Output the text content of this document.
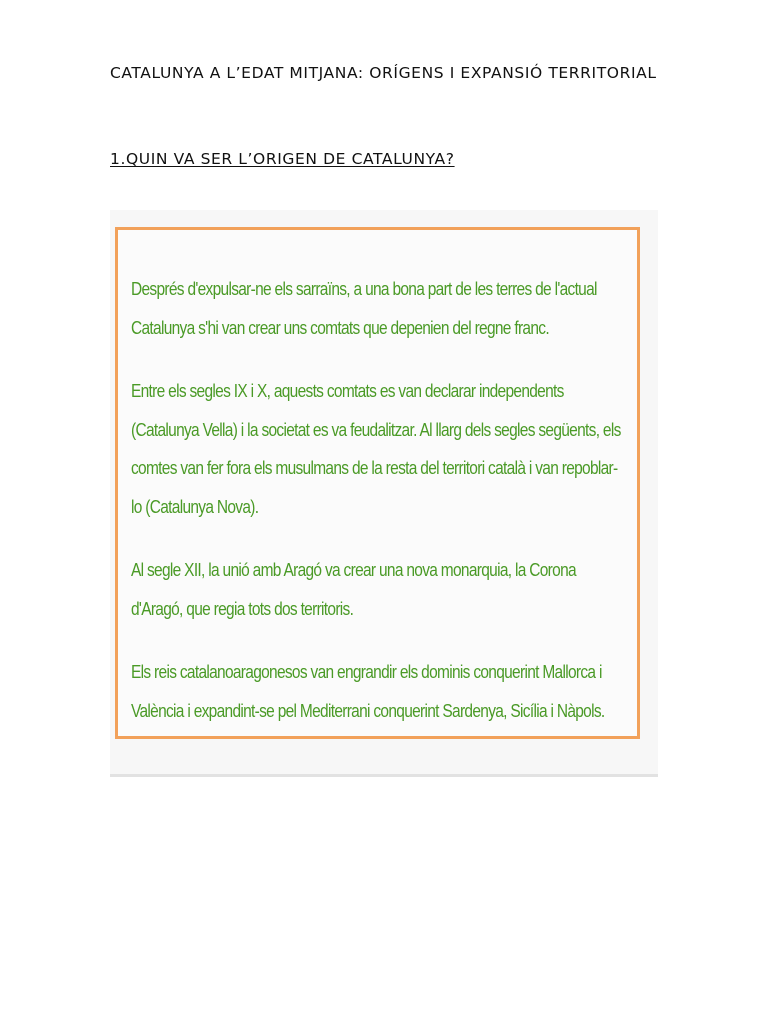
CATALUNYA A L’EDAT MITJANA: ORÍGENS I EXPANSIÓ TERRITORIAL
1.QUIN VA SER L’ORIGEN DE CATALUNYA?

Després d'expulsar-ne els sarraïns, a una bona part de les terres de l'actual Catalunya s'hi van crear uns comtats que depenien del regne franc.

Entre els segles IX i X, aquests comtats es van declarar independents (Catalunya Vella) i la societat es va feudalitzar. Al llarg dels segles següents, els comtes van fer fora els musulmans de la resta del territori català i van repoblar-lo (Catalunya Nova).

Al segle XII, la unió amb Aragó va crear una nova monarquia, la Corona d'Aragó, que regia tots dos territoris.

Els reis catalanoaragonesos van engrandir els dominis conquerint Mallorca i València i expandint-se pel Mediterrani conquerint Sardenya, Sicília i Nàpols.
